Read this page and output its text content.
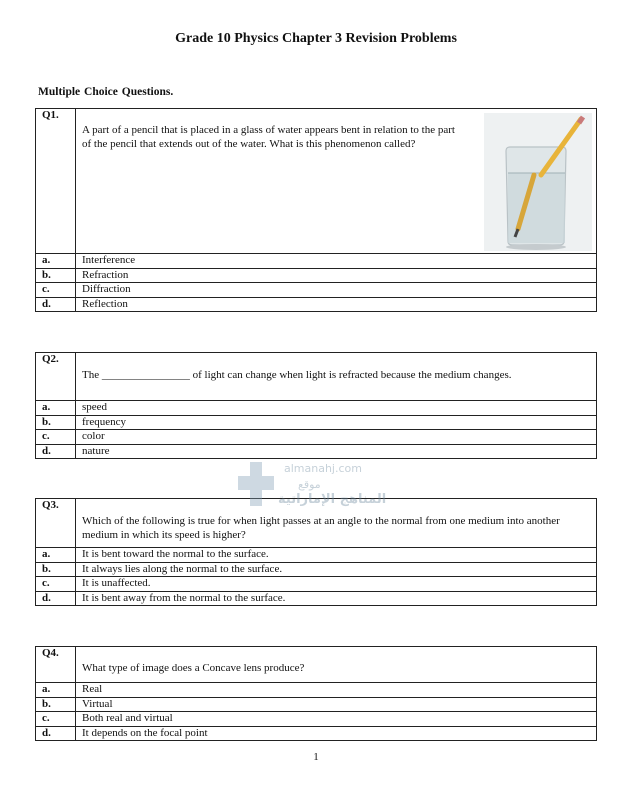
Grade 10 Physics Chapter 3 Revision Problems
Multiple Choice Questions.
Q1.	A part of a pencil that is placed in a glass of water appears bent in relation to the part of the pencil that extends out of the water. What is this phenomenon called?

a.	Interference
b.	Refraction
c.	Diffraction
d.	Reflection
Q2.	The ________________ of light can change when light is refracted because the medium changes.

a.	speed
b.	frequency
c.	color
d.	nature
Q3.	Which of the following is true for when light passes at an angle to the normal from one medium into another medium in which its speed is higher?

a.	It is bent toward the normal to the surface.
b.	It always lies along the normal to the surface.
c.	It is unaffected.
d.	It is bent away from the normal to the surface.
Q4.	What type of image does a Concave lens produce?

a.	Real
b.	Virtual
c.	Both real and virtual
d.	It depends on the focal point
almanahj.com
موقع
المناهج الإماراتية
1
